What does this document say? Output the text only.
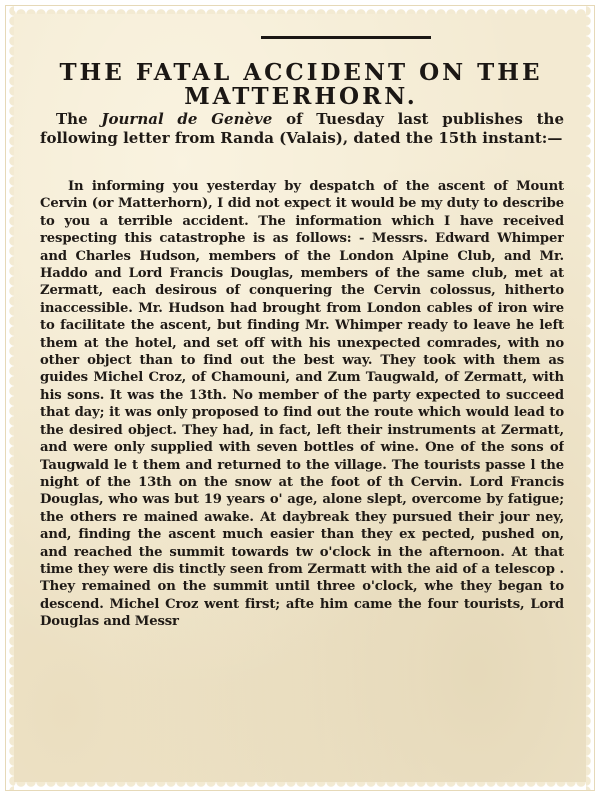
THE FATAL ACCIDENT ON THE MATTERHORN.

The Journal de Genève of Tuesday last publishes the following letter from Randa (Valais), dated the 15th instant:—

In informing you yesterday by despatch of the ascent of Mount Cervin (or Matterhorn), I did not expect it would be my duty to describe to you a terrible accident. The information which I have received respecting this catastrophe is as follows: - Messrs. Edward Whimper and Charles Hudson, members of the London Alpine Club, and Mr. Haddo and Lord Francis Douglas, members of the same club, met at Zermatt, each desirous of conquering the Cervin colossus, hitherto inaccessible. Mr. Hudson had brought from London cables of iron wire to facilitate the ascent, but finding Mr. Whimper ready to leave he left them at the hotel, and set off with his unexpected comrades, with no other object than to find out the best way. They took with them as guides Michel Croz, of Chamouni, and Zum Taugwald, of Zermatt, with his sons. It was the 13th. No member of the party expected to succeed that day; it was only proposed to find out the route which would lead to the desired object. They had, in fact, left their instruments at Zermatt, and were only supplied with seven bottles of wine. One of the sons of Taugwald le t them and returned to the village. The tourists passe l the night of the 13th on the snow at the foot of th Cervin. Lord Francis Douglas, who was but 19 years o' age, alone slept, overcome by fatigue; the others re mained awake. At daybreak they pursued their jour ney, and, finding the ascent much easier than they ex pected, pushed on, and reached the summit towards tw o'clock in the afternoon. At that time they were dis tinctly seen from Zermatt with the aid of a telescop . They remained on the summit until three o'clock, whe they began to descend. Michel Croz went first; afte him came the four tourists, Lord Douglas and Messr
